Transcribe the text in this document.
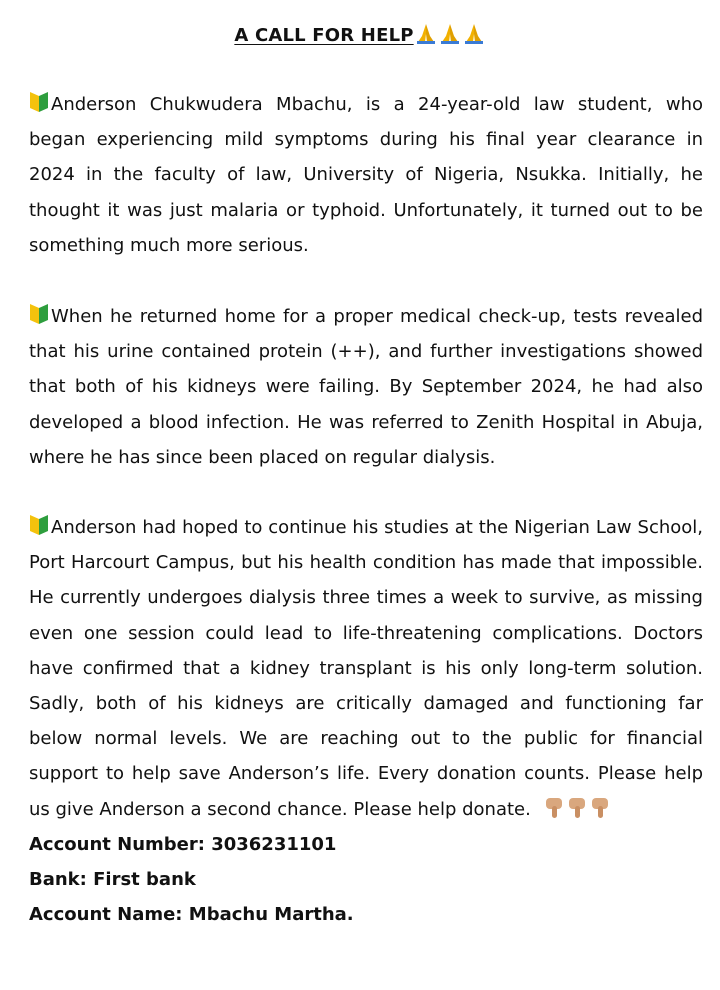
A CALL FOR HELP

Anderson Chukwudera Mbachu, is a 24-year-old law student, who began experiencing mild symptoms during his final year clearance in 2024 in the faculty of law, University of Nigeria, Nsukka. Initially, he thought it was just malaria or typhoid. Unfortunately, it turned out to be something much more serious.

When he returned home for a proper medical check-up, tests revealed that his urine contained protein (++), and further investigations showed that both of his kidneys were failing. By September 2024, he had also developed a blood infection. He was referred to Zenith Hospital in Abuja, where he has since been placed on regular dialysis.

Anderson had hoped to continue his studies at the Nigerian Law School, Port Harcourt Campus, but his health condition has made that impossible. He currently undergoes dialysis three times a week to survive, as missing even one session could lead to life-threatening complications. Doctors have confirmed that a kidney transplant is his only long-term solution. Sadly, both of his kidneys are critically damaged and functioning far below normal levels. We are reaching out to the public for financial support to help save Anderson’s life. Every donation counts. Please help us give Anderson a second chance. Please help donate.

Account Number: 3036231101

Bank: First bank

Account Name: Mbachu Martha.
